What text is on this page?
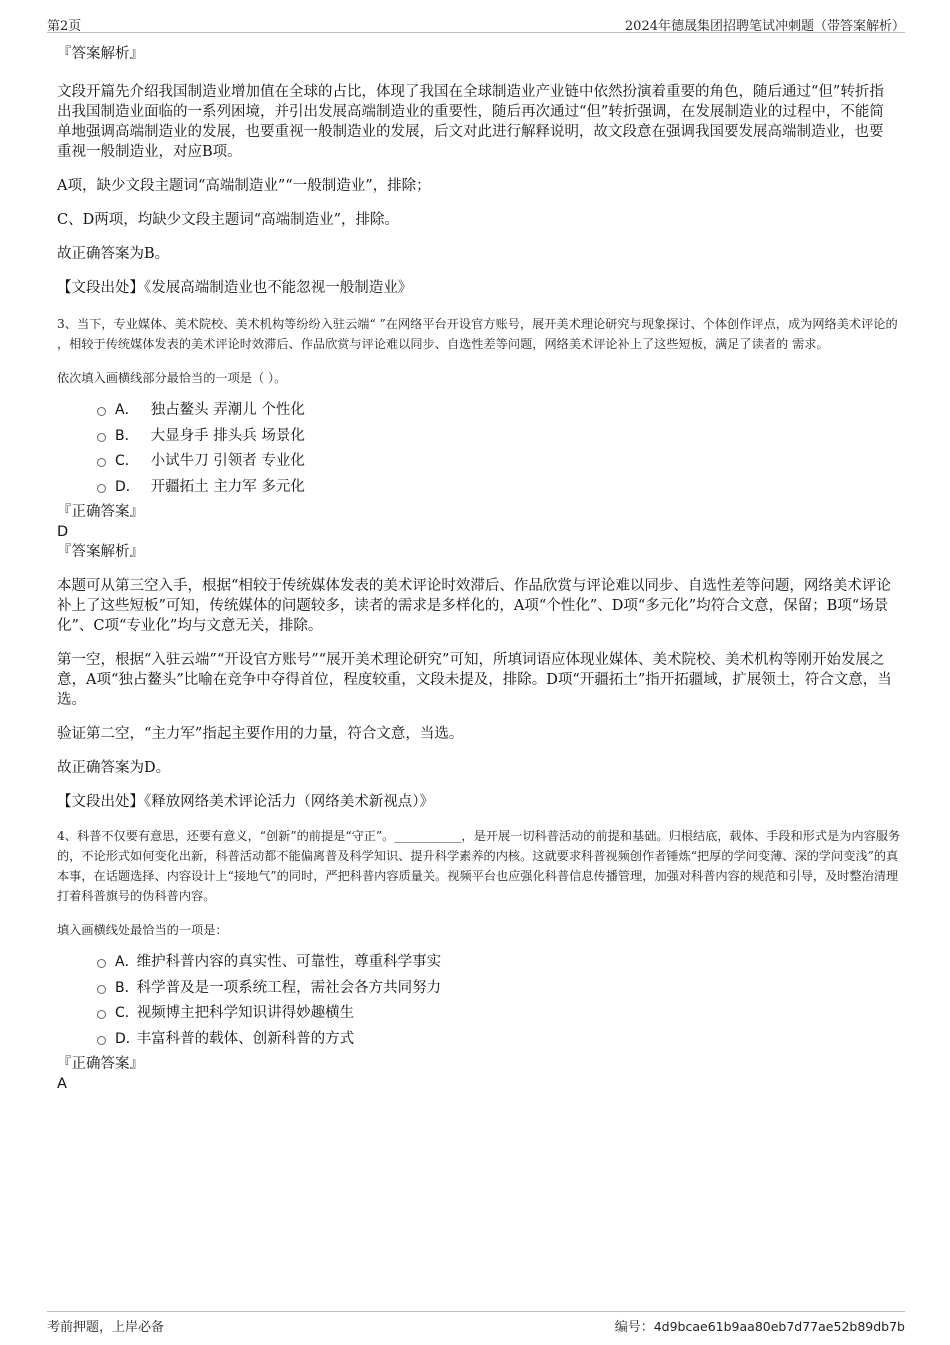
第2页	2024年德晟集团招聘笔试冲刺题（带答案解析）

『答案解析』

文段开篇先介绍我国制造业增加值在全球的占比，体现了我国在全球制造业产业链中依然扮演着重要的角色，随后通过“但”转折指出我国制造业面临的一系列困境，并引出发展高端制造业的重要性，随后再次通过“但”转折强调，在发展制造业的过程中，不能简单地强调高端制造业的发展，也要重视一般制造业的发展，后文对此进行解释说明，故文段意在强调我国要发展高端制造业，也要重视一般制造业，对应B项。

A项，缺少文段主题词“高端制造业”“一般制造业”，排除；

C、D两项，均缺少文段主题词“高端制造业”，排除。

故正确答案为B。

【文段出处】《发展高端制造业也不能忽视一般制造业》

3、当下，专业媒体、美术院校、美术机构等纷纷入驻云端“ ”在网络平台开设官方账号，展开美术理论研究与现象探讨、个体创作评点，成为网络美术评论的 ，相较于传统媒体发表的美术评论时效滞后、作品欣赏与评论难以同步、自选性差等问题，网络美术评论补上了这些短板，满足了读者的 需求。

依次填入画横线部分最恰当的一项是（ ）。

A． 独占鳌头 弄潮儿 个性化
B． 大显身手 排头兵 场景化
C． 小试牛刀 引领者 专业化
D． 开疆拓土 主力军 多元化

『正确答案』

D

『答案解析』

本题可从第三空入手，根据“相较于传统媒体发表的美术评论时效滞后、作品欣赏与评论难以同步、自选性差等问题，网络美术评论补上了这些短板”可知，传统媒体的问题较多，读者的需求是多样化的，A项“个性化”、D项“多元化”均符合文意，保留；B项“场景化”、C项“专业化”均与文意无关，排除。

第一空，根据“入驻云端”“开设官方账号”“展开美术理论研究”可知，所填词语应体现业媒体、美术院校、美术机构等刚开始发展之意，A项“独占鳌头”比喻在竞争中夺得首位，程度较重，文段未提及，排除。D项“开疆拓土”指开拓疆域，扩展领土，符合文意，当选。

验证第二空，“主力军”指起主要作用的力量，符合文意，当选。

故正确答案为D。

【文段出处】《释放网络美术评论活力（网络美术新视点）》

4、科普不仅要有意思，还要有意义，“创新”的前提是“守正”。___________，是开展一切科普活动的前提和基础。归根结底，载体、手段和形式是为内容服务的，不论形式如何变化出新，科普活动都不能偏离普及科学知识、提升科学素养的内核。这就要求科普视频创作者锤炼“把厚的学问变薄、深的学问变浅”的真本事，在话题选择、内容设计上“接地气”的同时，严把科普内容质量关。视频平台也应强化科普信息传播管理，加强对科普内容的规范和引导，及时整治清理打着科普旗号的伪科普内容。

填入画横线处最恰当的一项是：

A． 维护科普内容的真实性、可靠性，尊重科学事实
B． 科学普及是一项系统工程，需社会各方共同努力
C． 视频博主把科学知识讲得妙趣横生
D． 丰富科普的载体、创新科普的方式

『正确答案』

A

考前押题，上岸必备	编号：4d9bcae61b9aa80eb7d77ae52b89db7b
